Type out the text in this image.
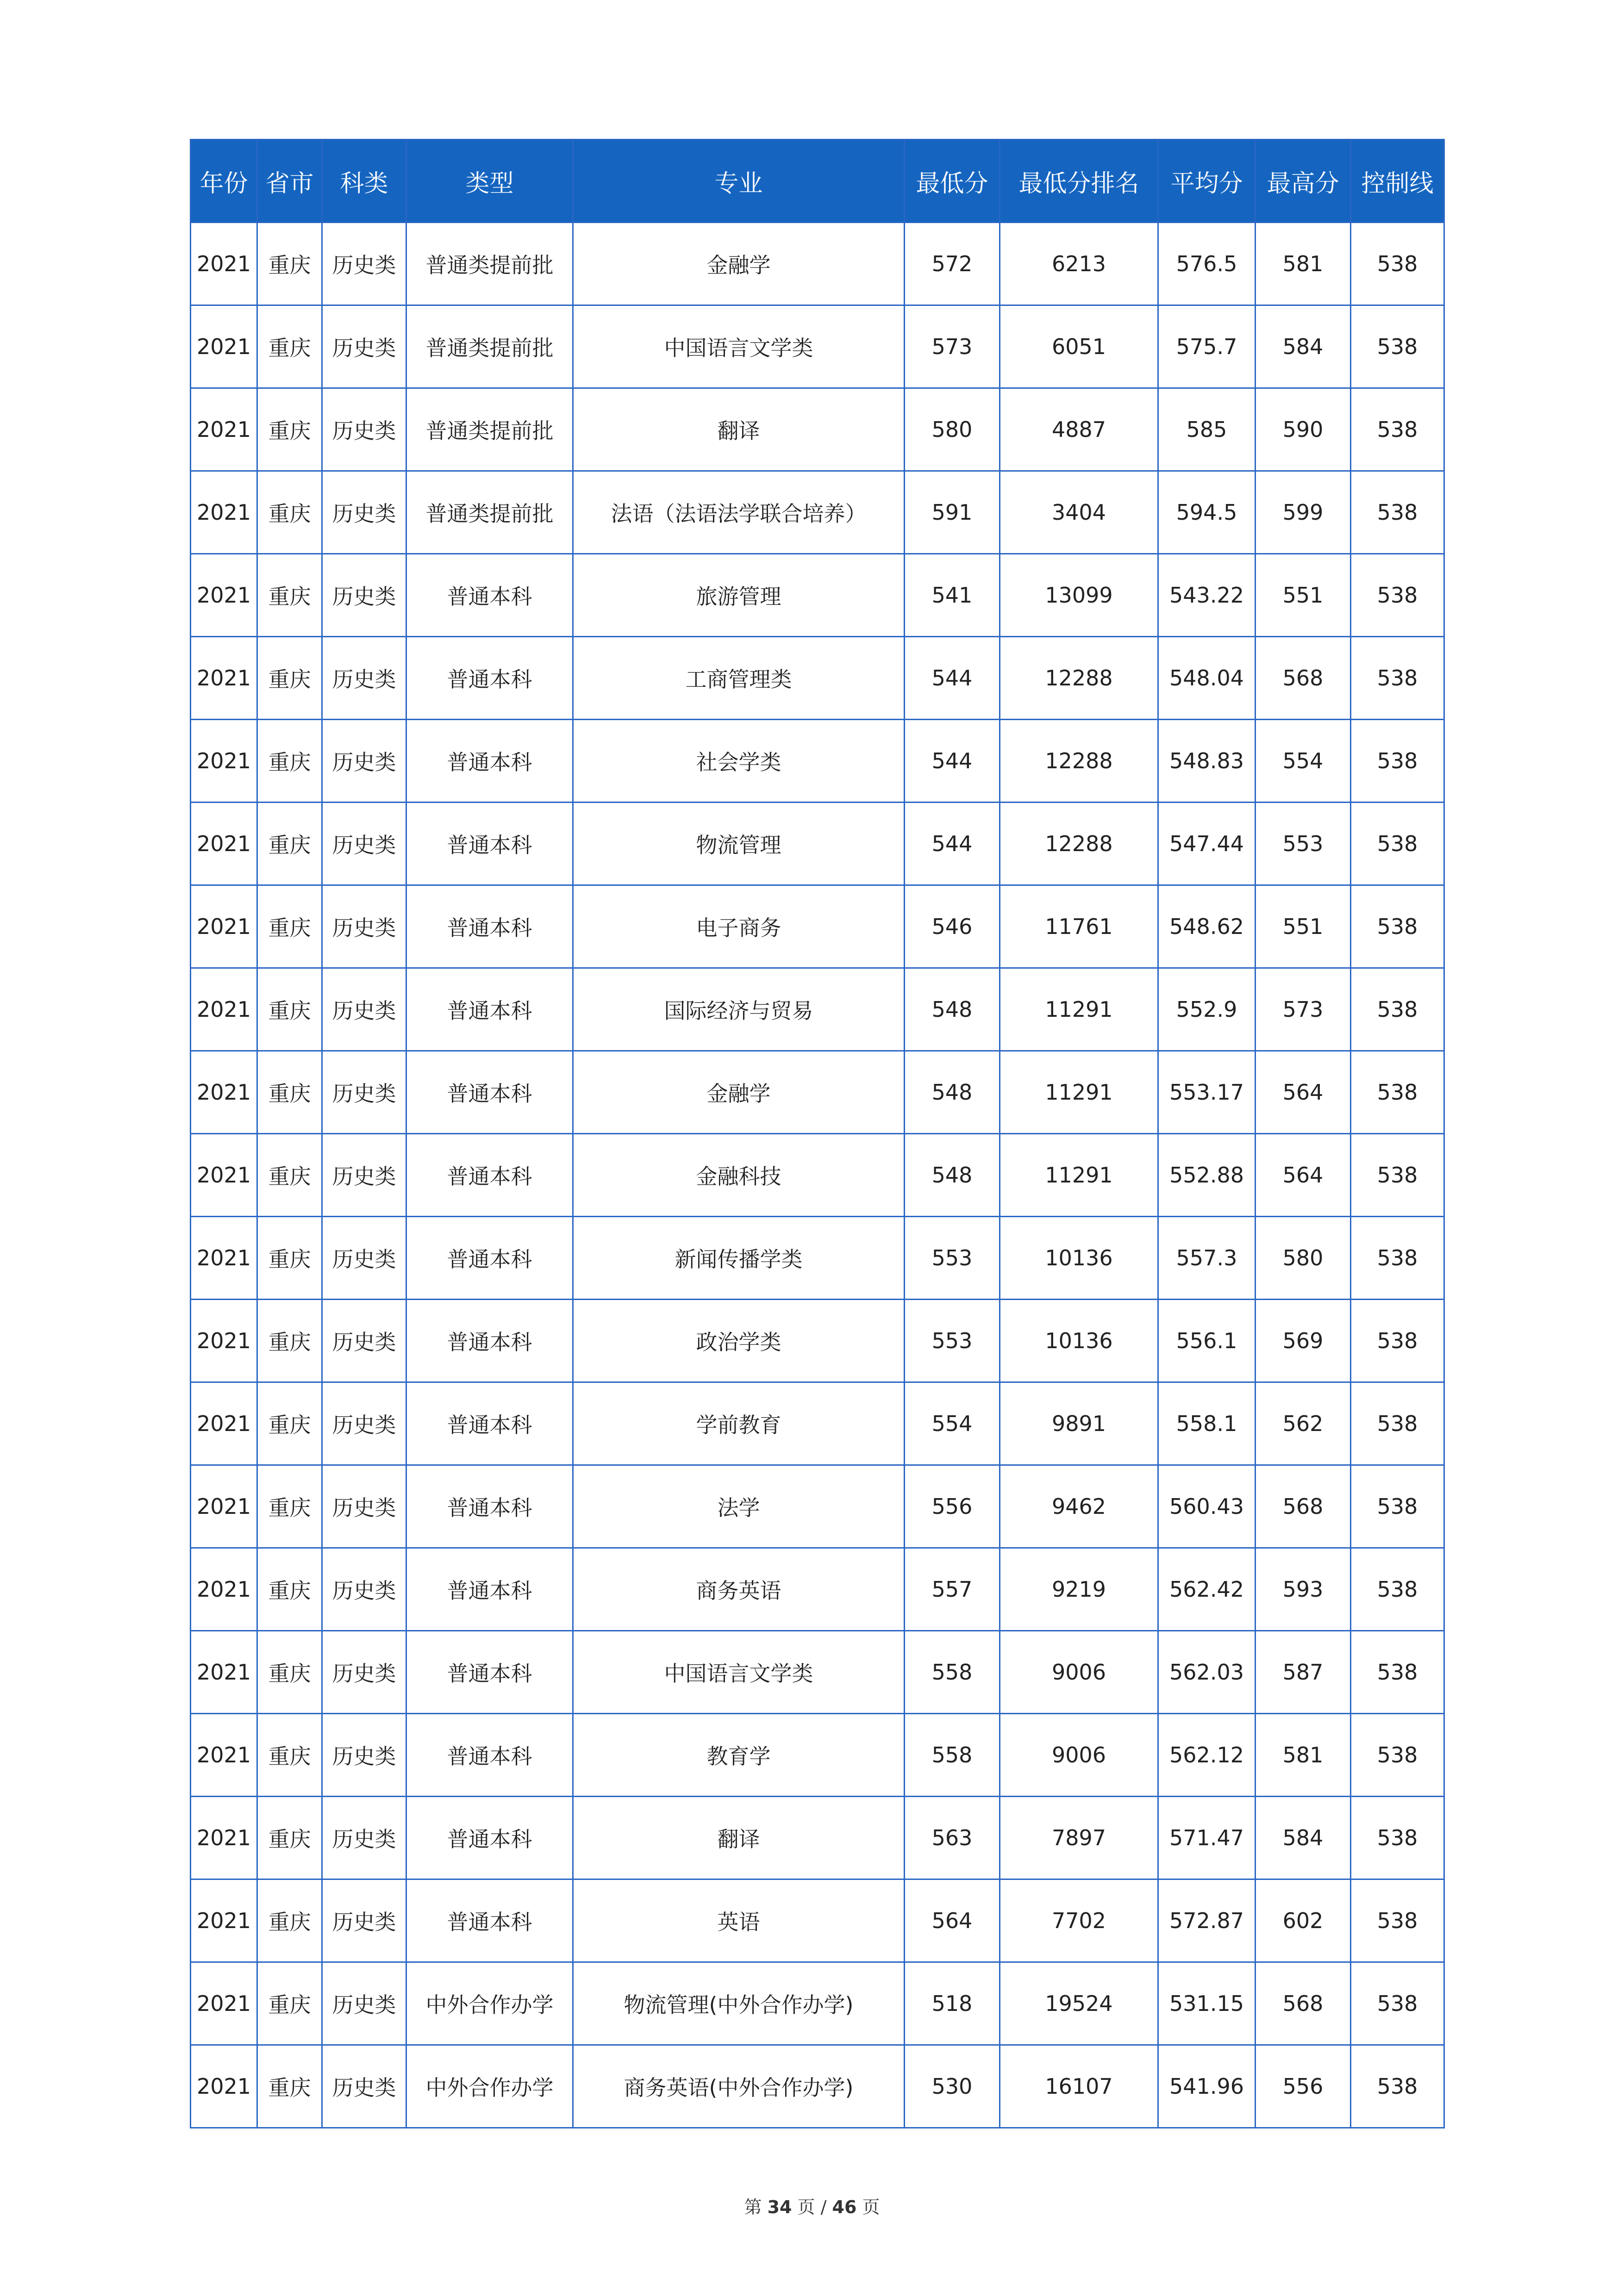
年份	省市	科类	类型	专业	最低分	最低分排名	平均分	最高分	控制线
2021	重庆	历史类	普通类提前批	金融学	572	6213	576.5	581	538
2021	重庆	历史类	普通类提前批	中国语言文学类	573	6051	575.7	584	538
2021	重庆	历史类	普通类提前批	翻译	580	4887	585	590	538
2021	重庆	历史类	普通类提前批	法语（法语法学联合培养）	591	3404	594.5	599	538
2021	重庆	历史类	普通本科	旅游管理	541	13099	543.22	551	538
2021	重庆	历史类	普通本科	工商管理类	544	12288	548.04	568	538
2021	重庆	历史类	普通本科	社会学类	544	12288	548.83	554	538
2021	重庆	历史类	普通本科	物流管理	544	12288	547.44	553	538
2021	重庆	历史类	普通本科	电子商务	546	11761	548.62	551	538
2021	重庆	历史类	普通本科	国际经济与贸易	548	11291	552.9	573	538
2021	重庆	历史类	普通本科	金融学	548	11291	553.17	564	538
2021	重庆	历史类	普通本科	金融科技	548	11291	552.88	564	538
2021	重庆	历史类	普通本科	新闻传播学类	553	10136	557.3	580	538
2021	重庆	历史类	普通本科	政治学类	553	10136	556.1	569	538
2021	重庆	历史类	普通本科	学前教育	554	9891	558.1	562	538
2021	重庆	历史类	普通本科	法学	556	9462	560.43	568	538
2021	重庆	历史类	普通本科	商务英语	557	9219	562.42	593	538
2021	重庆	历史类	普通本科	中国语言文学类	558	9006	562.03	587	538
2021	重庆	历史类	普通本科	教育学	558	9006	562.12	581	538
2021	重庆	历史类	普通本科	翻译	563	7897	571.47	584	538
2021	重庆	历史类	普通本科	英语	564	7702	572.87	602	538
2021	重庆	历史类	中外合作办学	物流管理(中外合作办学)	518	19524	531.15	568	538
2021	重庆	历史类	中外合作办学	商务英语(中外合作办学)	530	16107	541.96	556	538
第 34 页 / 46 页
